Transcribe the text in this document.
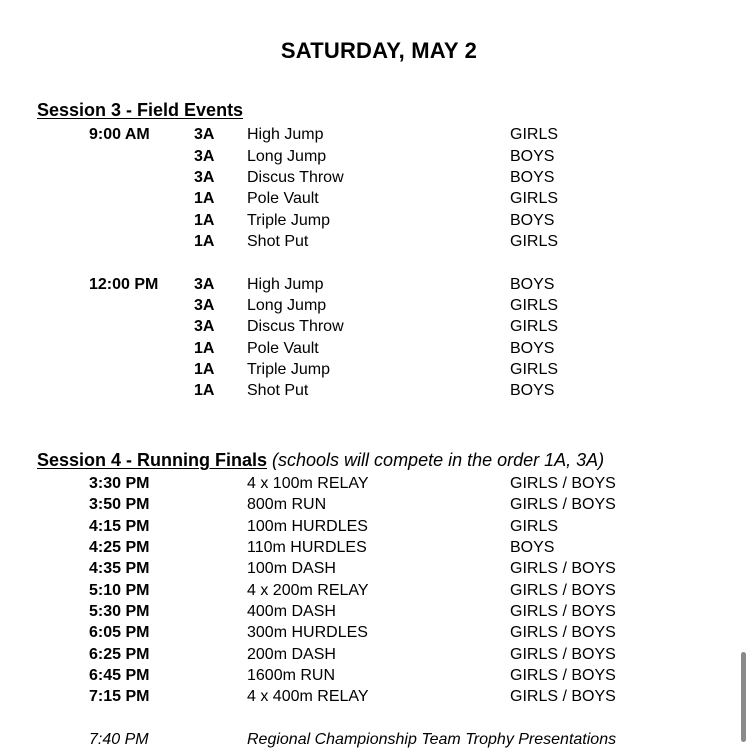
SATURDAY, MAY 2
Session 3 - Field Events
9:00 AM	3A High Jump	GIRLS
3A Long Jump	BOYS
3A Discus Throw	BOYS
1A Pole Vault	GIRLS
1A Triple Jump	BOYS
1A Shot Put	GIRLS
12:00 PM 3A High Jump	BOYS
3A Long Jump	GIRLS
3A Discus Throw	GIRLS
1A Pole Vault	BOYS
1A Triple Jump	GIRLS
1A Shot Put	BOYS
Session 4 - Running Finals (schools will compete in the order 1A, 3A)
3:30 PM	4 x 100m RELAY	GIRLS / BOYS
3:50 PM	800m RUN	GIRLS / BOYS
4:15 PM	100m HURDLES	GIRLS
4:25 PM	110m HURDLES	BOYS
4:35 PM	100m DASH	GIRLS / BOYS
5:10 PM	4 x 200m RELAY	GIRLS / BOYS
5:30 PM	400m DASH	GIRLS / BOYS
6:05 PM	300m HURDLES	GIRLS / BOYS
6:25 PM	200m DASH	GIRLS / BOYS
6:45 PM	1600m RUN	GIRLS / BOYS
7:15 PM	4 x 400m RELAY	GIRLS / BOYS
7:40 PM	Regional Championship Team Trophy Presentations
